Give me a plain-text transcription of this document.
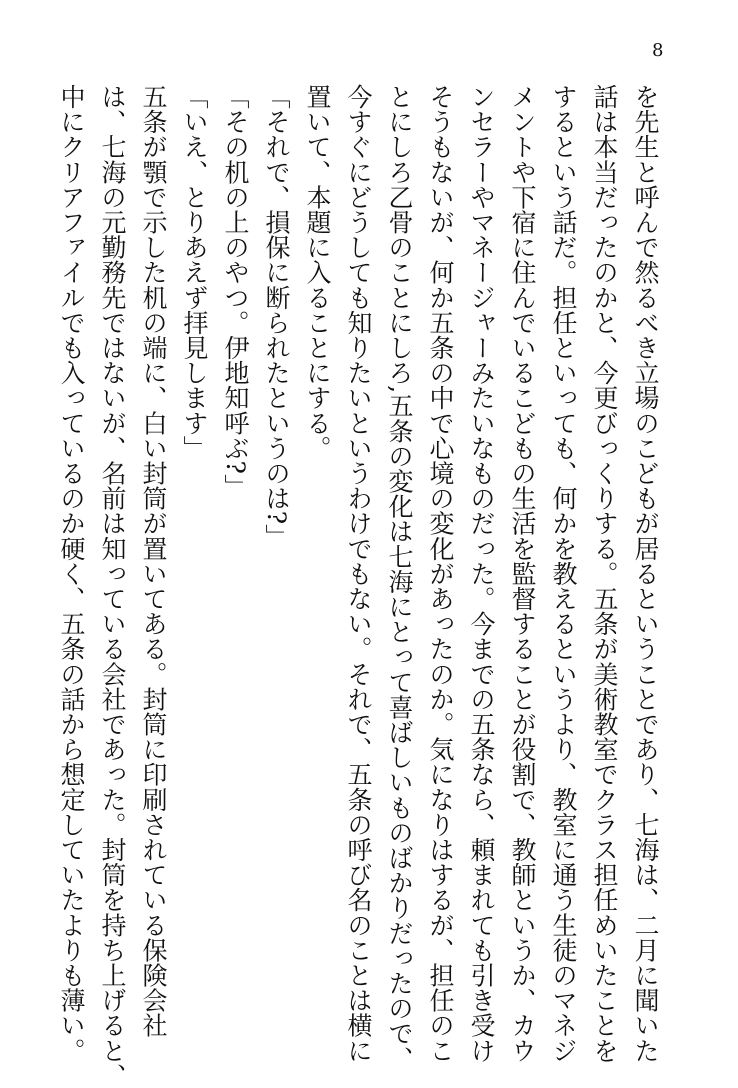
8
を先生と呼んで然るべき立場のこどもが居るということであり、七海は、二月に聞いた
話は本当だったのかと、今更びっくりする。五条が美術教室でクラス担任めいたことを
するという話だ。担任といっても、何かを教えるというより、教室に通う生徒のマネジ
メントや下宿に住んでいるこどもの生活を監督することが役割で、教師というか、カウ
ンセラーやマネージャーみたいなものだった。今までの五条なら、頼まれても引き受け
そうもないが、何か五条の中で心境の変化があったのか。気になりはするが、担任のこ
とにしろ乙骨のことにしろ,五条の変化は七海にとって喜ばしいものばかりだったので、
今すぐにどうしても知りたいというわけでもない。それで、五条の呼び名のことは横に
置いて、本題に入ることにする。
「それで、損保に断られたというのは?」
「その机の上のやつ。伊地知呼ぶ?」
「いえ、とりあえず拝見します」
五条が顎で示した机の端に、白い封筒が置いてある。封筒に印刷されている保険会社
は、七海の元勤務先ではないが、名前は知っている会社であった。封筒を持ち上げると、
中にクリアファイルでも入っているのか硬く、五条の話から想定していたよりも薄い。
